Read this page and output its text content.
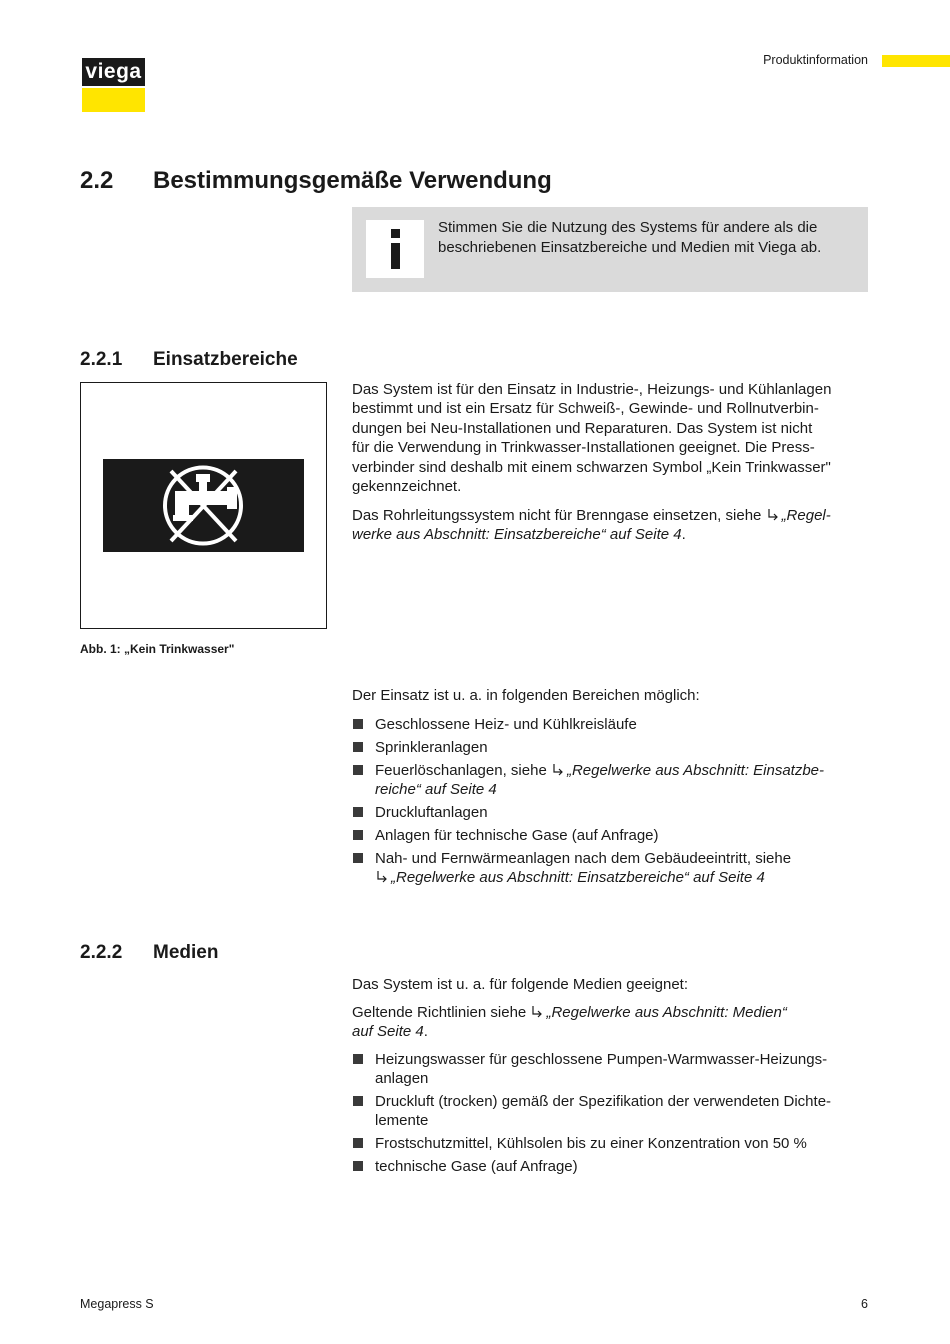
viega	Produktinformation
2.2 Bestimmungsgemäße Verwendung
Stimmen Sie die Nutzung des Systems für andere als die
beschriebenen Einsatzbereiche und Medien mit Viega ab.
2.2.1 Einsatzbereiche
Abb. 1: „Kein Trinkwasser"
Das System ist für den Einsatz in Industrie-, Heizungs- und Kühlanlagen
bestimmt und ist ein Ersatz für Schweiß-, Gewinde- und Rollnutverbin-
dungen bei Neu-Installationen und Reparaturen. Das System ist nicht
für die Verwendung in Trinkwasser-Installationen geeignet. Die Press-
verbinder sind deshalb mit einem schwarzen Symbol „Kein Trinkwasser"
gekennzeichnet.
Das Rohrleitungssystem nicht für Brenngase einsetzen, siehe „Regel-
werke aus Abschnitt: Einsatzbereiche“ auf Seite 4.
Der Einsatz ist u. a. in folgenden Bereichen möglich:
Geschlossene Heiz- und Kühlkreisläufe
Sprinkleranlagen
Feuerlöschanlagen, siehe „Regelwerke aus Abschnitt: Einsatzbe-
reiche“ auf Seite 4
Druckluftanlagen
Anlagen für technische Gase (auf Anfrage)
Nah- und Fernwärmeanlagen nach dem Gebäudeeintritt, siehe
„Regelwerke aus Abschnitt: Einsatzbereiche“ auf Seite 4
2.2.2 Medien
Das System ist u. a. für folgende Medien geeignet:
Geltende Richtlinien siehe „Regelwerke aus Abschnitt: Medien“
auf Seite 4.
Heizungswasser für geschlossene Pumpen-Warmwasser-Heizungs-
anlagen
Druckluft (trocken) gemäß der Spezifikation der verwendeten Dichte-
lemente
Frostschutzmittel, Kühlsolen bis zu einer Konzentration von 50 %
technische Gase (auf Anfrage)
Megapress S	6
